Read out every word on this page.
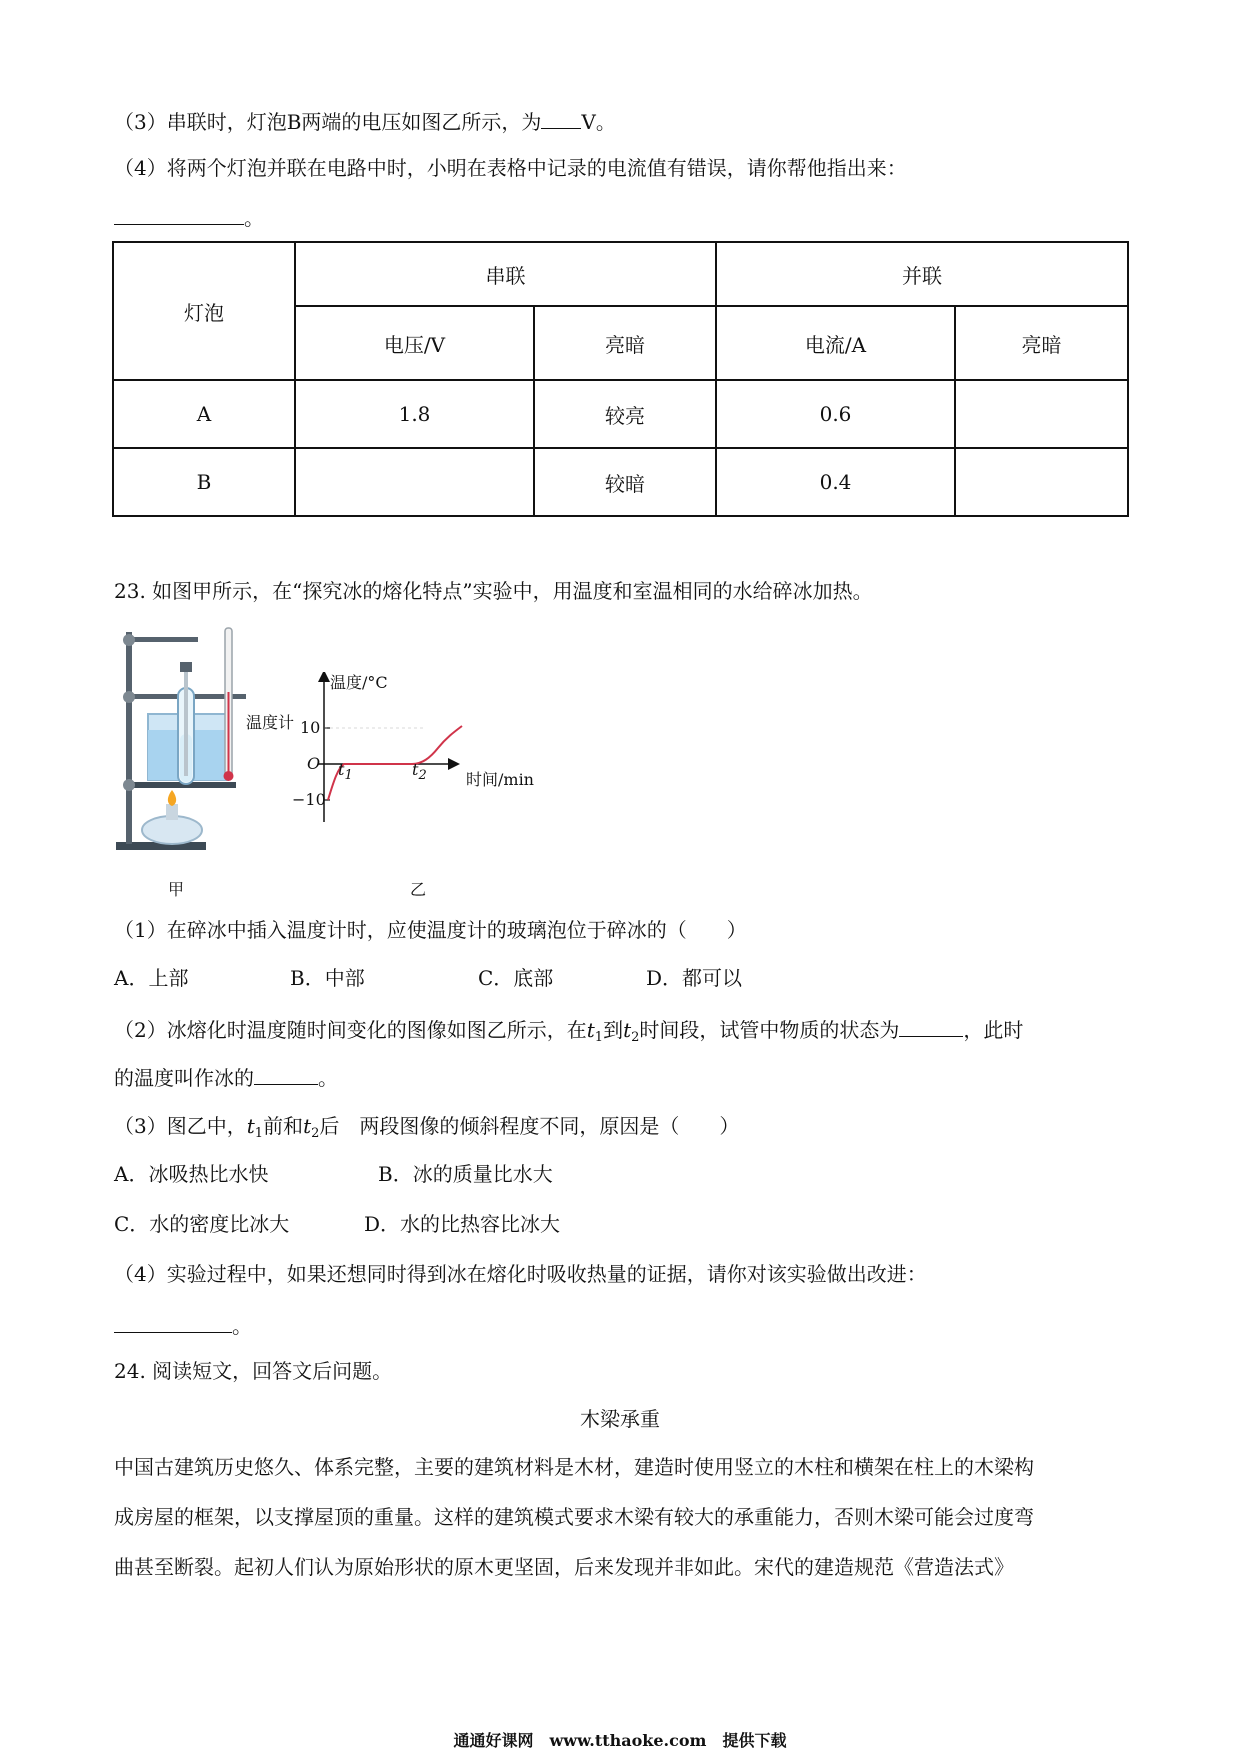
（3）串联时，灯泡B两端的电压如图乙所示，为 V。
（4）将两个灯泡并联在电路中时，小明在表格中记录的电流值有错误，请你帮他指出来：
。
灯泡	串联		并联	
	电压/V	亮暗	电流/A	亮暗
A	1.8	较亮	0.6	
B		较暗	0.4	
23. 如图甲所示，在“探究冰的熔化特点”实验中，用温度和室温相同的水给碎冰加热。
温度计
温度/°C
10
O
−10
$t_1$	$t_2$ 时间/min
甲	乙
（1）在碎冰中插入温度计时，应使温度计的玻璃泡位于碎冰的（　　）
A．上部	B．中部	C．底部	D．都可以
（2）冰熔化时温度随时间变化的图像如图乙所示，在$t_1$到$t_2$时间段，试管中物质的状态为	，此时
的温度叫作冰的	。
（3）图乙中，$t_1$前和$t_2$后　两段图像的倾斜程度不同，原因是（　　）
A．冰吸热比水快	B．冰的质量比水大
C．水的密度比冰大	D．水的比热容比冰大
（4）实验过程中，如果还想同时得到冰在熔化时吸收热量的证据，请你对该实验做出改进：
。
24. 阅读短文，回答文后问题。
木梁承重
中国古建筑历史悠久、体系完整，主要的建筑材料是木材，建造时使用竖立的木柱和横架在柱上的木梁构
成房屋的框架，以支撑屋顶的重量。这样的建筑模式要求木梁有较大的承重能力，否则木梁可能会过度弯
曲甚至断裂。起初人们认为原始形状的原木更坚固，后来发现并非如此。宋代的建造规范《营造法式》
通通好课网　www.tthaoke.com　提供下载
